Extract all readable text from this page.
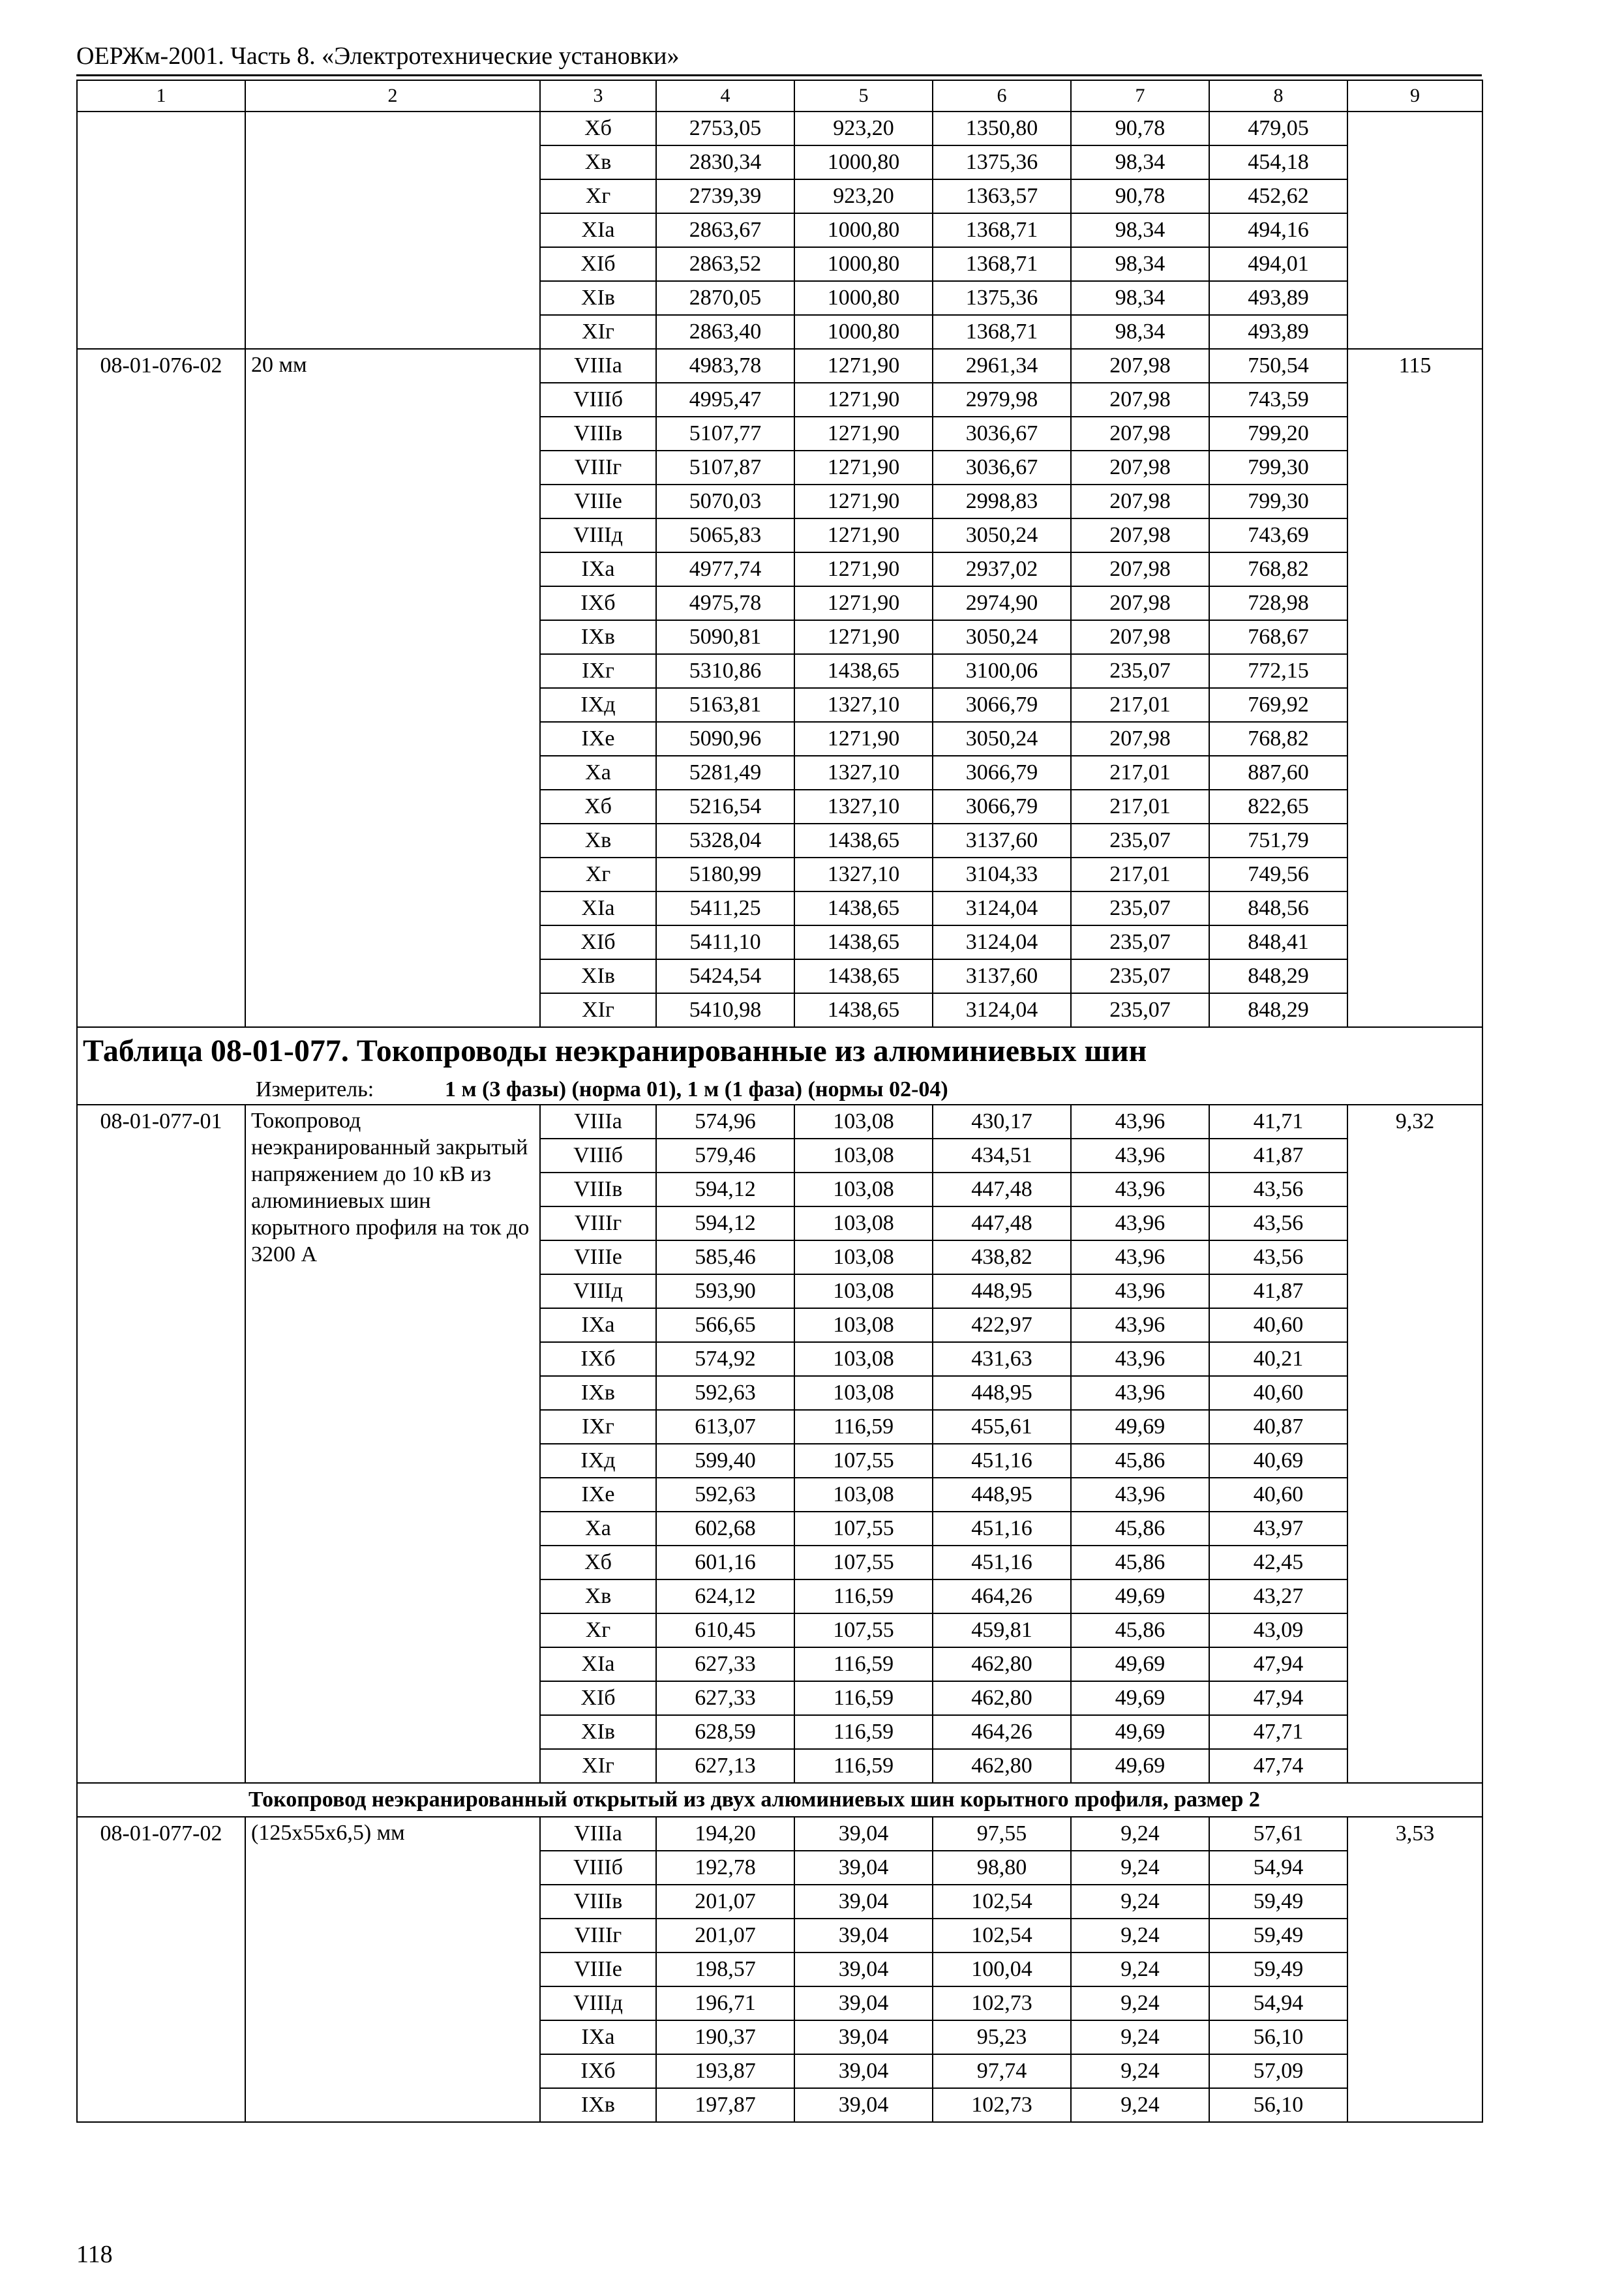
ОЕРЖм-2001. Часть 8. «Электротехнические установки»
1	2	3	4	5	6	7	8	9
		Xб	2753,05	923,20	1350,80	90,78	479,05	
		Xв	2830,34	1000,80	1375,36	98,34	454,18	
		Xг	2739,39	923,20	1363,57	90,78	452,62	
		XIа	2863,67	1000,80	1368,71	98,34	494,16	
		XIб	2863,52	1000,80	1368,71	98,34	494,01	
		XIв	2870,05	1000,80	1375,36	98,34	493,89	
		XIг	2863,40	1000,80	1368,71	98,34	493,89	
08-01-076-02	20 мм	VIIIа	4983,78	1271,90	2961,34	207,98	750,54	115
		VIIIб	4995,47	1271,90	2979,98	207,98	743,59	
		VIIIв	5107,77	1271,90	3036,67	207,98	799,20	
		VIIIг	5107,87	1271,90	3036,67	207,98	799,30	
		VIIIе	5070,03	1271,90	2998,83	207,98	799,30	
		VIIIд	5065,83	1271,90	3050,24	207,98	743,69	
		IXа	4977,74	1271,90	2937,02	207,98	768,82	
		IXб	4975,78	1271,90	2974,90	207,98	728,98	
		IXв	5090,81	1271,90	3050,24	207,98	768,67	
		IXг	5310,86	1438,65	3100,06	235,07	772,15	
		IXд	5163,81	1327,10	3066,79	217,01	769,92	
		IXе	5090,96	1271,90	3050,24	207,98	768,82	
		Xа	5281,49	1327,10	3066,79	217,01	887,60	
		Xб	5216,54	1327,10	3066,79	217,01	822,65	
		Xв	5328,04	1438,65	3137,60	235,07	751,79	
		Xг	5180,99	1327,10	3104,33	217,01	749,56	
		XIа	5411,25	1438,65	3124,04	235,07	848,56	
		XIб	5411,10	1438,65	3124,04	235,07	848,41	
		XIв	5424,54	1438,65	3137,60	235,07	848,29	
		XIг	5410,98	1438,65	3124,04	235,07	848,29	
Таблица 08-01-077. Токопроводы неэкранированные из алюминиевых шин								
Измеритель: 1 м (3 фазы) (норма 01), 1 м (1 фаза) (нормы 02-04)								
08-01-077-01	Токопровод неэкранированный закрытый напряжением до 10 кВ из алюминиевых шин корытного профиля на ток до 3200 А	VIIIа	574,96	103,08	430,17	43,96	41,71	9,32
		VIIIб	579,46	103,08	434,51	43,96	41,87	
		VIIIв	594,12	103,08	447,48	43,96	43,56	
		VIIIг	594,12	103,08	447,48	43,96	43,56	
		VIIIе	585,46	103,08	438,82	43,96	43,56	
		VIIIд	593,90	103,08	448,95	43,96	41,87	
		IXа	566,65	103,08	422,97	43,96	40,60	
		IXб	574,92	103,08	431,63	43,96	40,21	
		IXв	592,63	103,08	448,95	43,96	40,60	
		IXг	613,07	116,59	455,61	49,69	40,87	
		IXд	599,40	107,55	451,16	45,86	40,69	
		IXе	592,63	103,08	448,95	43,96	40,60	
		Xа	602,68	107,55	451,16	45,86	43,97	
		Xб	601,16	107,55	451,16	45,86	42,45	
		Xв	624,12	116,59	464,26	49,69	43,27	
		Xг	610,45	107,55	459,81	45,86	43,09	
		XIа	627,33	116,59	462,80	49,69	47,94	
		XIб	627,33	116,59	462,80	49,69	47,94	
		XIв	628,59	116,59	464,26	49,69	47,71	
		XIг	627,13	116,59	462,80	49,69	47,74	
Токопровод неэкранированный открытый из двух алюминиевых шин корытного профиля, размер 2								
08-01-077-02	(125x55x6,5) мм	VIIIа	194,20	39,04	97,55	9,24	57,61	3,53
		VIIIб	192,78	39,04	98,80	9,24	54,94	
		VIIIв	201,07	39,04	102,54	9,24	59,49	
		VIIIг	201,07	39,04	102,54	9,24	59,49	
		VIIIе	198,57	39,04	100,04	9,24	59,49	
		VIIIд	196,71	39,04	102,73	9,24	54,94	
		IXа	190,37	39,04	95,23	9,24	56,10	
		IXб	193,87	39,04	97,74	9,24	57,09	
		IXв	197,87	39,04	102,73	9,24	56,10	
118
